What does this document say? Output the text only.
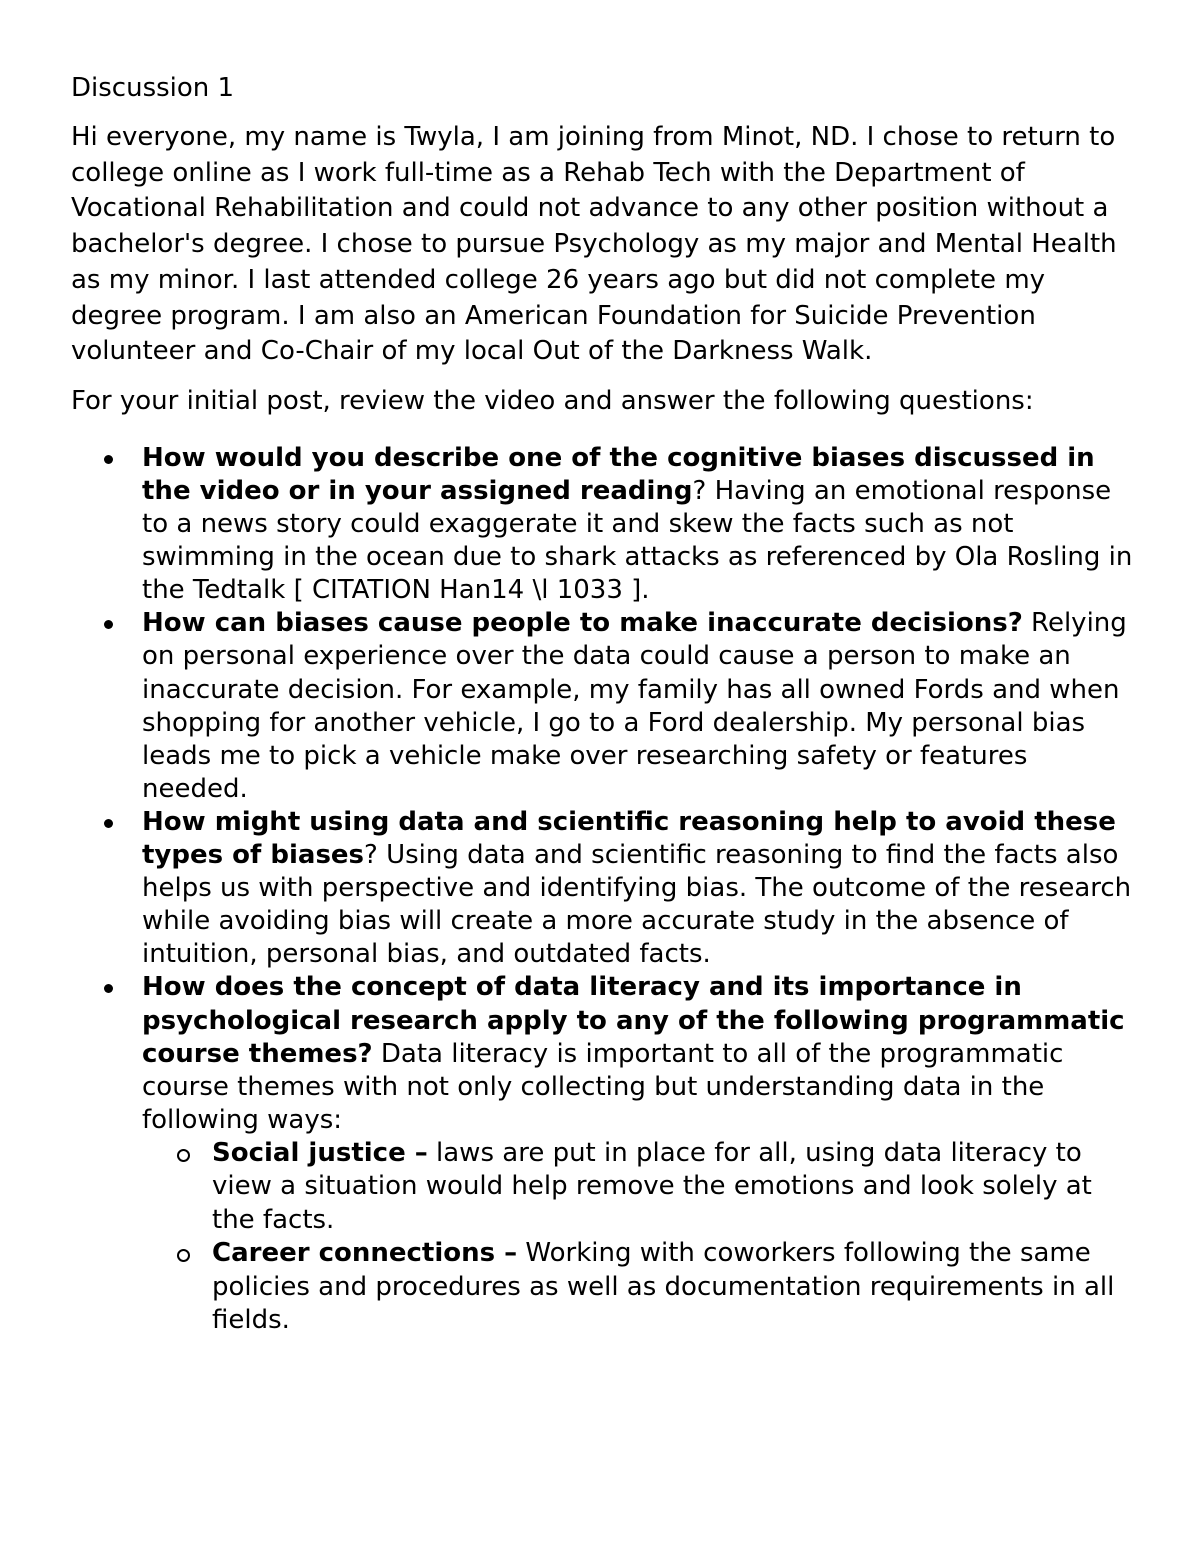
Discussion 1
Hi everyone, my name is Twyla, I am joining from Minot, ND. I chose to return to college online as I work full-time as a Rehab Tech with the Department of Vocational Rehabilitation and could not advance to any other position without a bachelor's degree. I chose to pursue Psychology as my major and Mental Health as my minor. I last attended college 26 years ago but did not complete my degree program. I am also an American Foundation for Suicide Prevention volunteer and Co-Chair of my local Out of the Darkness Walk.
For your initial post, review the video and answer the following questions:
How would you describe one of the cognitive biases discussed in the video or in your assigned reading? Having an emotional response to a news story could exaggerate it and skew the facts such as not swimming in the ocean due to shark attacks as referenced by Ola Rosling in the Tedtalk [ CITATION Han14 \l 1033 ].
How can biases cause people to make inaccurate decisions? Relying on personal experience over the data could cause a person to make an inaccurate decision. For example, my family has all owned Fords and when shopping for another vehicle, I go to a Ford dealership. My personal bias leads me to pick a vehicle make over researching safety or features needed.
How might using data and scientific reasoning help to avoid these types of biases? Using data and scientific reasoning to find the facts also helps us with perspective and identifying bias. The outcome of the research while avoiding bias will create a more accurate study in the absence of intuition, personal bias, and outdated facts.
How does the concept of data literacy and its importance in psychological research apply to any of the following programmatic course themes? Data literacy is important to all of the programmatic course themes with not only collecting but understanding data in the following ways:
Social justice – laws are put in place for all, using data literacy to view a situation would help remove the emotions and look solely at the facts.
Career connections – Working with coworkers following the same policies and procedures as well as documentation requirements in all fields.
